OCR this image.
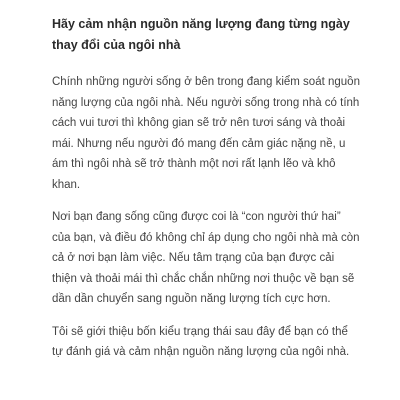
Hãy cảm nhận nguồn năng lượng đang từng ngày thay đổi của ngôi nhà

Chính những người sống ở bên trong đang kiểm soát nguồn năng lượng của ngôi nhà. Nếu người sống trong nhà có tính cách vui tươi thì không gian sẽ trở nên tươi sáng và thoải mái. Nhưng nếu người đó mang đến cảm giác nặng nề, u ám thì ngôi nhà sẽ trở thành một nơi rất lạnh lẽo và khô khan.

Nơi bạn đang sống cũng được coi là “con người thứ hai” của bạn, và điều đó không chỉ áp dụng cho ngôi nhà mà còn cả ở nơi bạn làm việc. Nếu tâm trạng của bạn được cải thiện và thoải mái thì chắc chắn những nơi thuộc về bạn sẽ dần dần chuyển sang nguồn năng lượng tích cực hơn.

Tôi sẽ giới thiệu bốn kiểu trạng thái sau đây để bạn có thể tự đánh giá và cảm nhận nguồn năng lượng của ngôi nhà.
